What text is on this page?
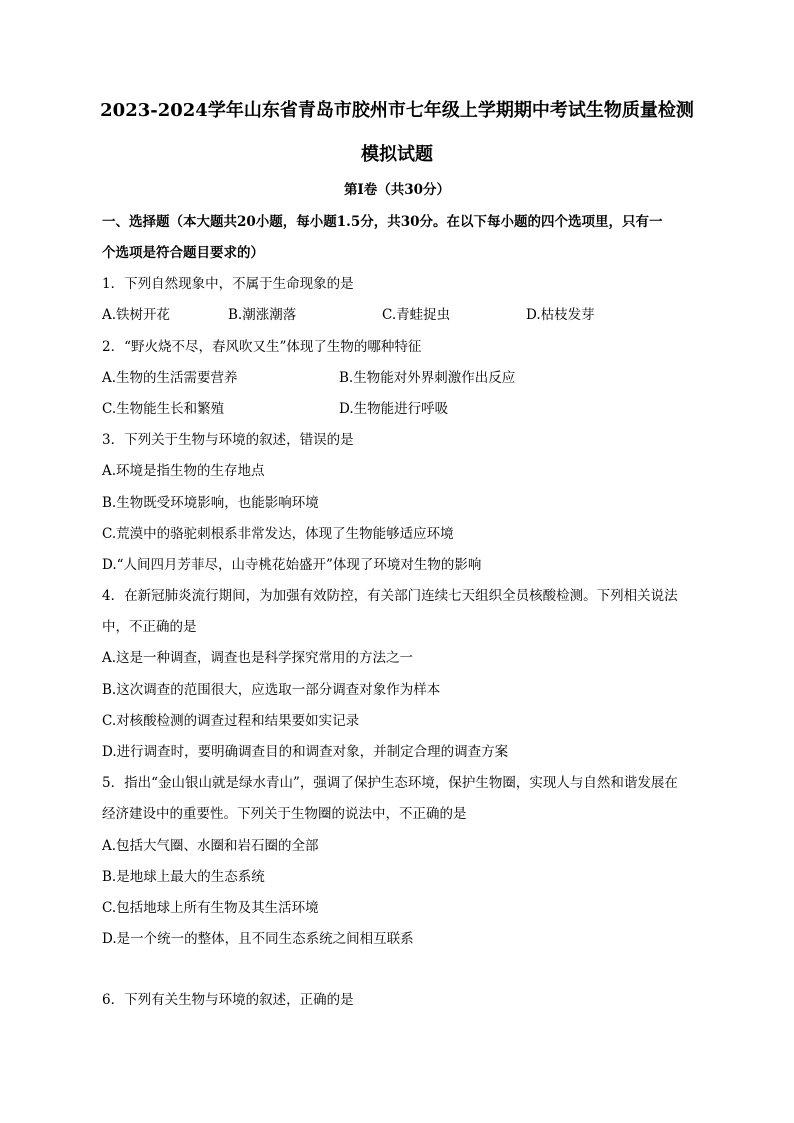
2023-2024学年山东省青岛市胶州市七年级上学期期中考试生物质量检测
模拟试题
第I卷（共30分）
一、选择题（本大题共20小题，每小题1.5分，共30分。在以下每小题的四个选项里，只有一
个选项是符合题目要求的）
1．下列自然现象中，不属于生命现象的是
A.铁树开花	B.潮涨潮落	C.青蛙捉虫	D.枯枝发芽
2．“野火烧不尽，春风吹又生”体现了生物的哪种特征
A.生物的生活需要营养	B.生物能对外界刺激作出反应
C.生物能生长和繁殖	D.生物能进行呼吸
3．下列关于生物与环境的叙述，错误的是
A.环境是指生物的生存地点
B.生物既受环境影响，也能影响环境
C.荒漠中的骆驼刺根系非常发达，体现了生物能够适应环境
D.“人间四月芳菲尽，山寺桃花始盛开”体现了环境对生物的影响
4．在新冠肺炎流行期间，为加强有效防控，有关部门连续七天组织全员核酸检测。下列相关说法
中，不正确的是
A.这是一种调查，调查也是科学探究常用的方法之一
B.这次调查的范围很大，应选取一部分调查对象作为样本
C.对核酸检测的调查过程和结果要如实记录
D.进行调查时，要明确调查目的和调查对象，并制定合理的调查方案
5．指出“金山银山就是绿水青山”，强调了保护生态环境，保护生物圈，实现人与自然和谐发展在
经济建设中的重要性。下列关于生物圈的说法中，不正确的是
A.包括大气圈、水圈和岩石圈的全部
B.是地球上最大的生态系统
C.包括地球上所有生物及其生活环境
D.是一个统一的整体，且不同生态系统之间相互联系
6．下列有关生物与环境的叙述，正确的是
